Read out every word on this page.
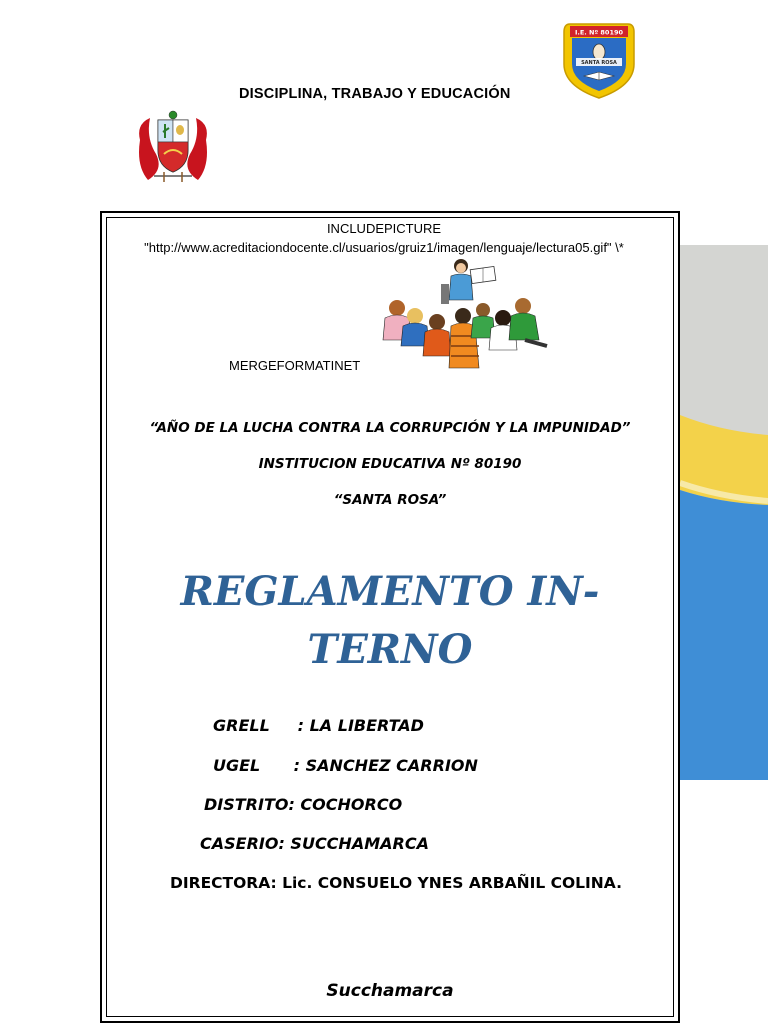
DISCIPLINA, TRABAJO Y EDUCACIÓN
I.E. Nº 80190
SANTA ROSA
INCLUDEPICTURE
"http://www.acreditaciondocente.cl/usuarios/gruiz1/imagen/lenguaje/lectura05.gif" \*
MERGEFORMATINET
“AÑO DE LA LUCHA CONTRA LA CORRUPCIÓN Y LA IMPUNIDAD”
INSTITUCION EDUCATIVA Nº 80190
“SANTA ROSA”
REGLAMENTO IN-
TERNO
GRELL     : LA LIBERTAD
UGEL      : SANCHEZ CARRION
DISTRITO: COCHORCO
CASERIO: SUCCHAMARCA
DIRECTORA: Lic. CONSUELO YNES ARBAÑIL COLINA.
Succhamarca
